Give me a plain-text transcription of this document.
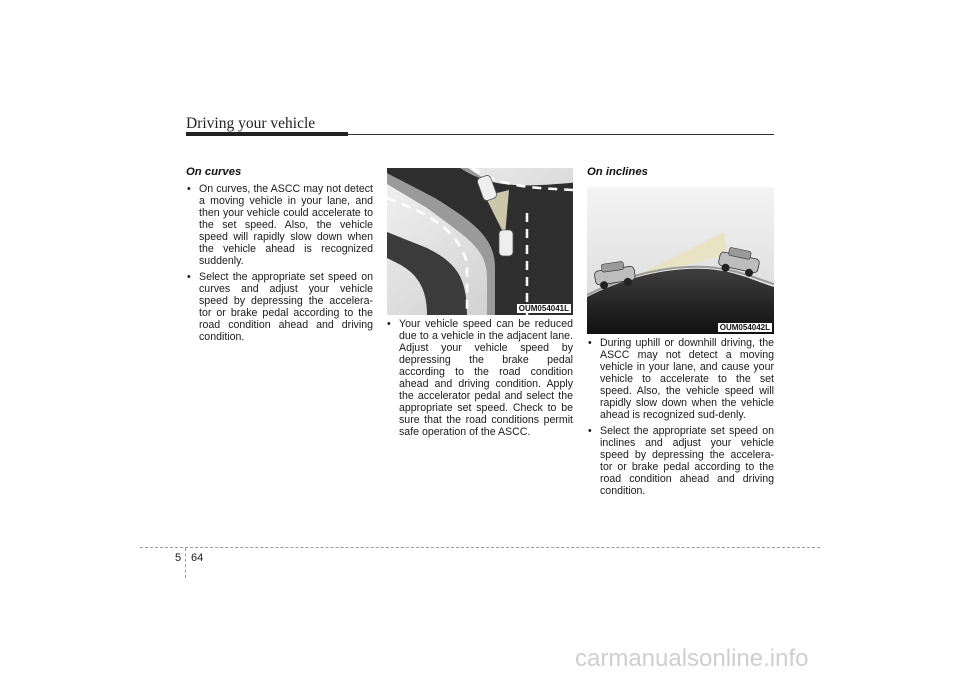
Driving your vehicle
On curves
• On curves, the ASCC may not detect a moving vehicle in your lane, and then your vehicle could accelerate to the set speed. Also, the vehicle speed will rapidly slow down when the vehicle ahead is recognized suddenly.
• Select the appropriate set speed on curves and adjust your vehicle speed by depressing the accelera-tor or brake pedal according to the road condition ahead and driving condition.
OUM054041L
• Your vehicle speed can be reduced due to a vehicle in the adjacent lane. Adjust your vehicle speed by depressing the brake pedal according to the road condition ahead and driving condition. Apply the accelerator pedal and select the appropriate set speed. Check to be sure that the road conditions permit safe operation of the ASCC.
On inclines
OUM054042L
• During uphill or downhill driving, the ASCC may not detect a moving vehicle in your lane, and cause your vehicle to accelerate to the set speed. Also, the vehicle speed will rapidly slow down when the vehicle ahead is recognized sud-denly.
• Select the appropriate set speed on inclines and adjust your vehicle speed by depressing the accelera-tor or brake pedal according to the road condition ahead and driving condition.
5 64
carmanualsonline.info
